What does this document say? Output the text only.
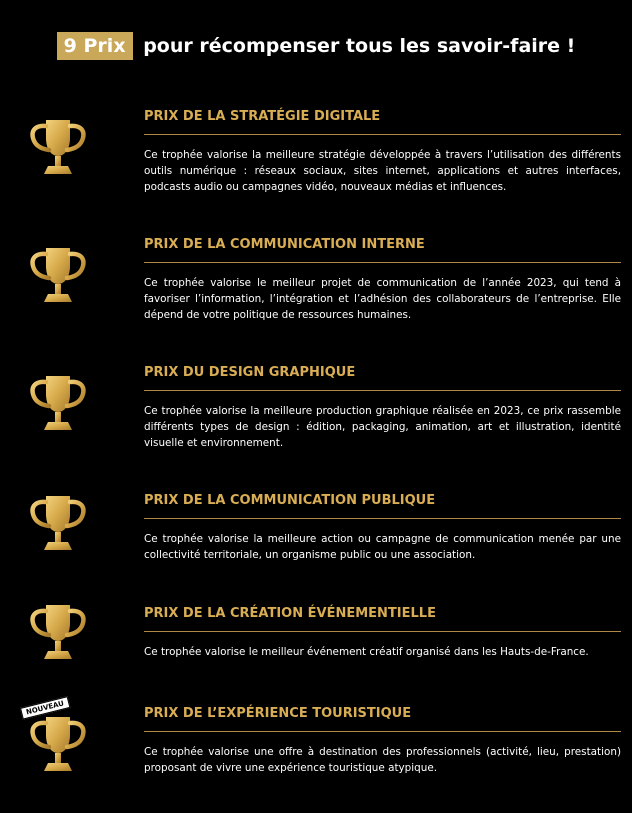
9 Prix pour récompenser tous les savoir-faire !
PRIX DE LA STRATÉGIE DIGITALE
Ce trophée valorise la meilleure stratégie développée à travers l’utilisation des différents outils numérique : réseaux sociaux, sites internet, applications et autres interfaces, podcasts audio ou campagnes vidéo, nouveaux médias et influences.
PRIX DE LA COMMUNICATION INTERNE
Ce trophée valorise le meilleur projet de communication de l’année 2023, qui tend à favoriser l’information, l’intégration et l’adhésion des collaborateurs de l’entreprise. Elle dépend de votre politique de ressources humaines.
PRIX DU DESIGN GRAPHIQUE
Ce trophée valorise la meilleure production graphique réalisée en 2023, ce prix rassemble différents types de design : édition, packaging, animation, art et illustration, identité visuelle et environnement.
PRIX DE LA COMMUNICATION PUBLIQUE
Ce trophée valorise la meilleure action ou campagne de communication menée par une collectivité territoriale, un organisme public ou une association.
PRIX DE LA CRÉATION ÉVÉNEMENTIELLE
Ce trophée valorise le meilleur événement créatif organisé dans les Hauts-de-France.
PRIX DE L’EXPÉRIENCE TOURISTIQUE
Ce trophée valorise une offre à destination des professionnels (activité, lieu, prestation) proposant de vivre une expérience touristique atypique.
NOUVEAU
